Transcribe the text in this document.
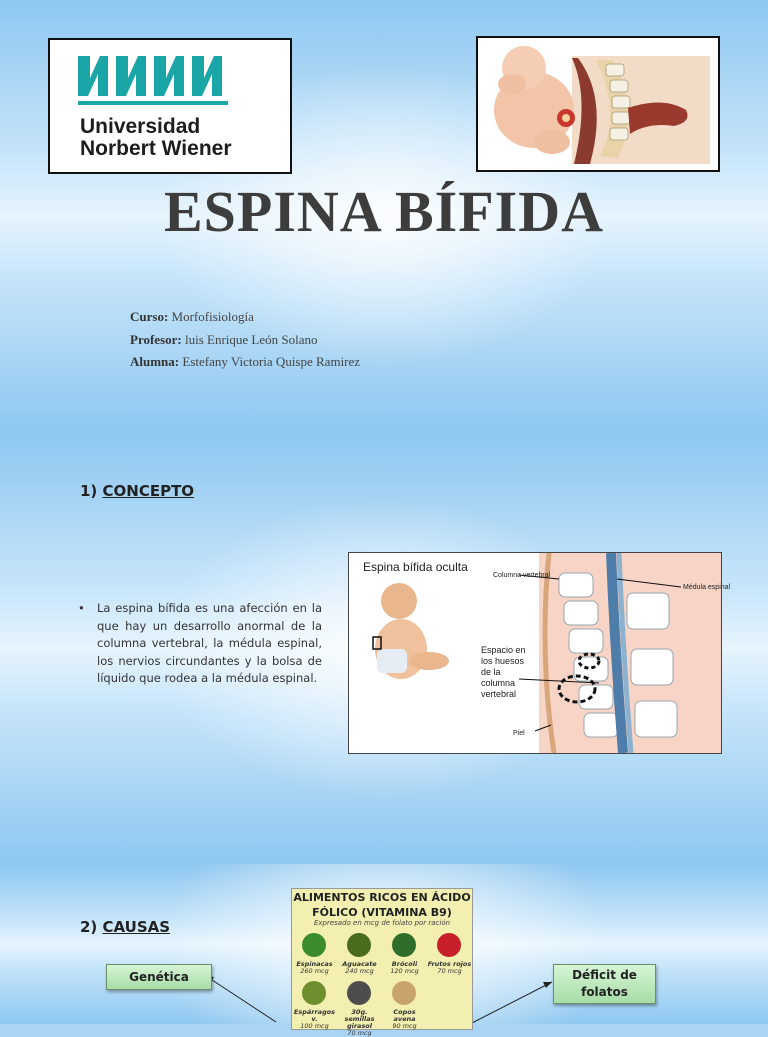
Universidad
Norbert Wiener
ESPINA BÍFIDA
Curso: Morfofisiología
Profesor: luis Enrique León Solano
Alumna: Estefany Victoria Quispe Ramirez
1) CONCEPTO
• La espina bífida es una afección en la que hay un desarrollo anormal de la columna vertebral, la médula espinal, los nervios circundantes y la bolsa de líquido que rodea a la médula espinal.
Espina bífida oculta
Columna vertebral
Médula espinal
Espacio en los huesos de la columna vertebral
Piel
2) CAUSAS
Genética	Déficit de folatos
ALIMENTOS RICOS EN ÁCIDO
FÓLICO (VITAMINA B9)
Expresado en mcg de folato por ración
Espinacas
260 mcg
Aguacate
240 mcg
Brócoli
120 mcg
Frutos rojos
70 mcg
Espárragos v.
100 mcg
30g. semillas girasol
70 mcg
Copos avena
90 mcg
